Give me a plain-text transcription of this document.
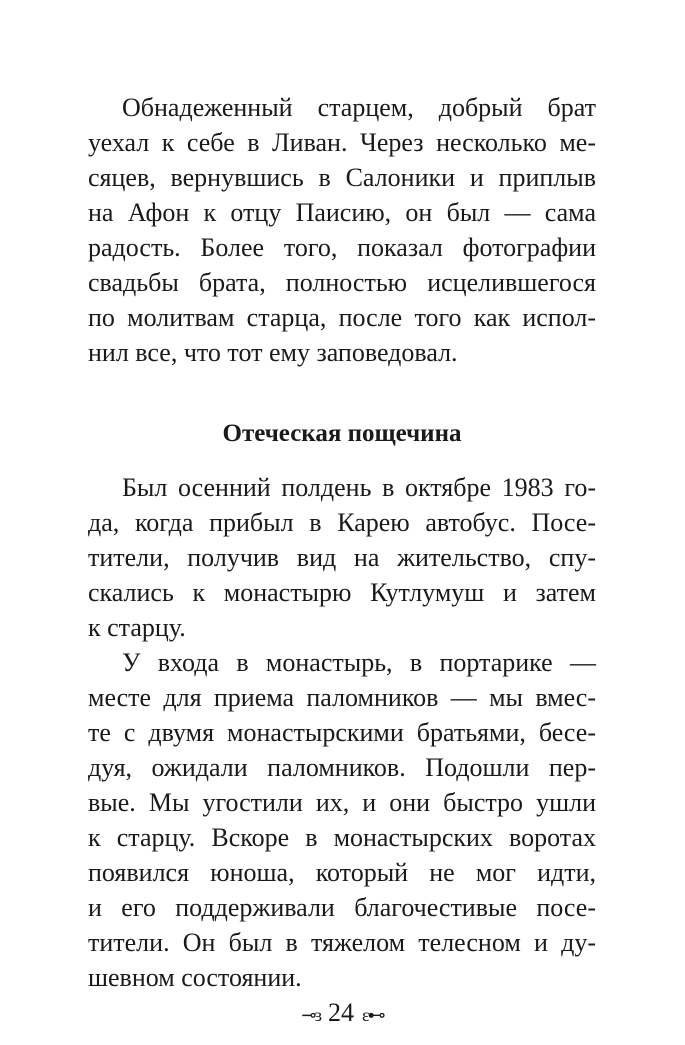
Обнадеженный старцем, добрый брат
уехал к себе в Ливан. Через несколько ме-
сяцев, вернувшись в Салоники и приплыв
на Афон к отцу Паисию, он был — сама
радость. Более того, показал фотографии
свадьбы брата, полностью исцелившегося
по молитвам старца, после того как испол-
нил все, что тот ему заповедовал.
Отеческая пощечина
Был осенний полдень в октябре 1983 го-
да, когда прибыл в Карею автобус. Посе-
тители, получив вид на жительство, спу-
скались к монастырю Кутлумуш и затем
к старцу.
У входа в монастырь, в портарике —
месте для приема паломников — мы вмес-
те с двумя монастырскими братьями, бесе-
дуя, ожидали паломников. Подошли пер-
вые. Мы угостили их, и они быстро ушли
к старцу. Вскоре в монастырских воротах
появился юноша, который не мог идти,
и его поддерживали благочестивые посе-
тители. Он был в тяжелом телесном и ду-
шевном состоянии.
⊸ɜ 24 ɛ⊷
